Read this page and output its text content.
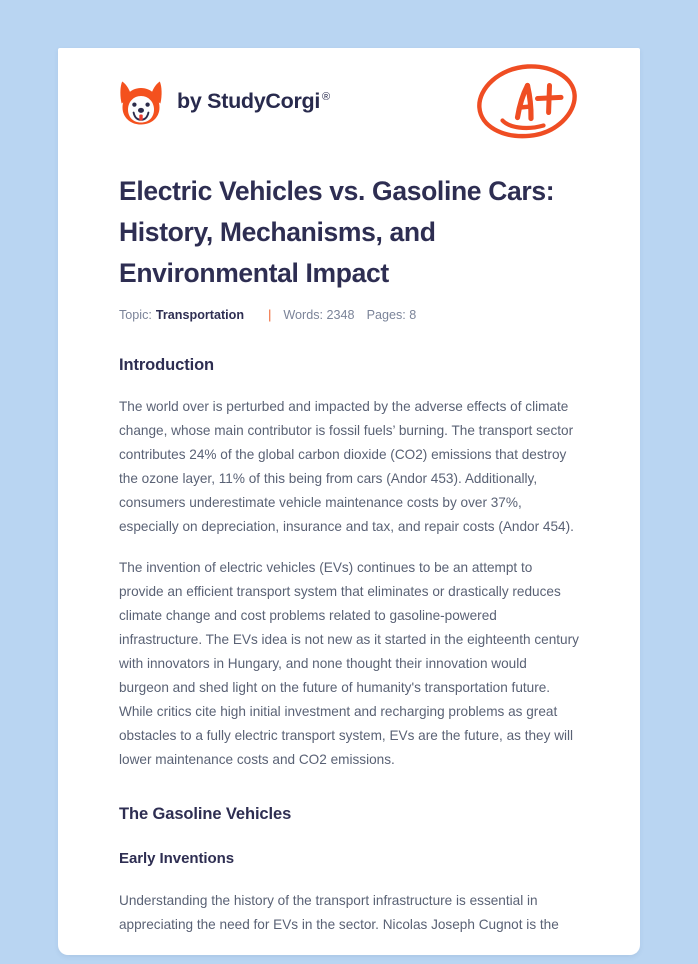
by StudyCorgi ®
Electric Vehicles vs. Gasoline Cars: History, Mechanisms, and Environmental Impact
Topic: Transportation | Words: 2348 Pages: 8
Introduction

The world over is perturbed and impacted by the adverse effects of climate change, whose main contributor is fossil fuels’ burning. The transport sector contributes 24% of the global carbon dioxide (CO2) emissions that destroy the ozone layer, 11% of this being from cars (Andor 453). Additionally, consumers underestimate vehicle maintenance costs by over 37%, especially on depreciation, insurance and tax, and repair costs (Andor 454).

The invention of electric vehicles (EVs) continues to be an attempt to provide an efficient transport system that eliminates or drastically reduces climate change and cost problems related to gasoline-powered infrastructure. The EVs idea is not new as it started in the eighteenth century with innovators in Hungary, and none thought their innovation would burgeon and shed light on the future of humanity's transportation future. While critics cite high initial investment and recharging problems as great obstacles to a fully electric transport system, EVs are the future, as they will lower maintenance costs and CO2 emissions.

The Gasoline Vehicles
Early Inventions

Understanding the history of the transport infrastructure is essential in appreciating the need for EVs in the sector. Nicolas Joseph Cugnot is the
